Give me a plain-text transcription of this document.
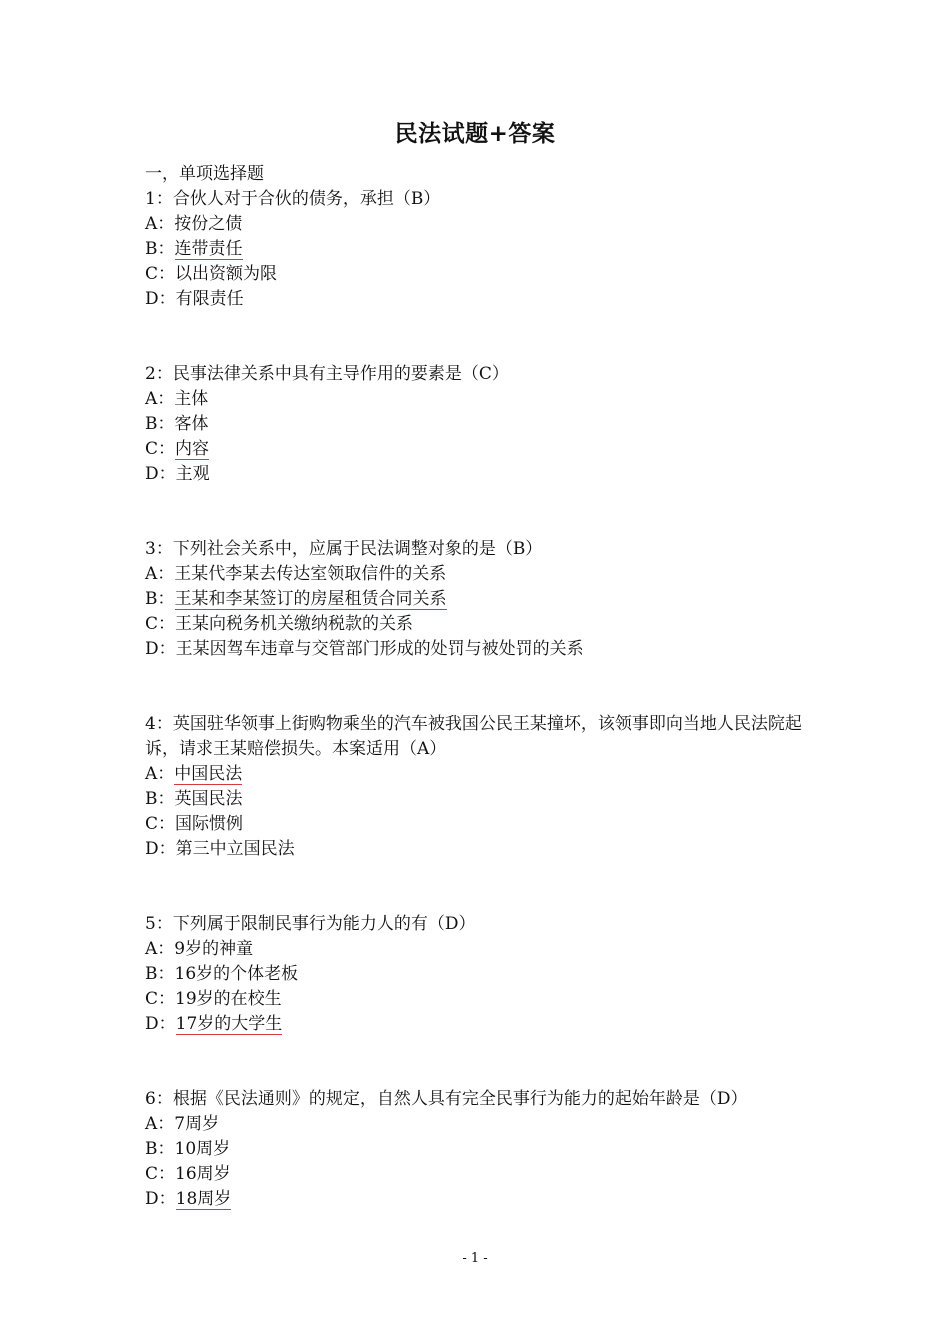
民法试题+答案
一，单项选择题
1：合伙人对于合伙的债务，承担（B）
A：按份之债
B：连带责任
C：以出资额为限
D：有限责任
2：民事法律关系中具有主导作用的要素是（C）
A：主体
B：客体
C：内容
D：主观
3：下列社会关系中，应属于民法调整对象的是（B）
A：王某代李某去传达室领取信件的关系
B：王某和李某签订的房屋租赁合同关系
C：王某向税务机关缴纳税款的关系
D：王某因驾车违章与交管部门形成的处罚与被处罚的关系
4：英国驻华领事上街购物乘坐的汽车被我国公民王某撞坏，该领事即向当地人民法院起诉，请求王某赔偿损失。本案适用（A）
A：中国民法
B：英国民法
C：国际惯例
D：第三中立国民法
5：下列属于限制民事行为能力人的有（D）
A：9岁的神童
B：16岁的个体老板
C：19岁的在校生
D：17岁的大学生
6：根据《民法通则》的规定，自然人具有完全民事行为能力的起始年龄是（D）
A：7周岁
B：10周岁
C：16周岁
D：18周岁
- 1 -
